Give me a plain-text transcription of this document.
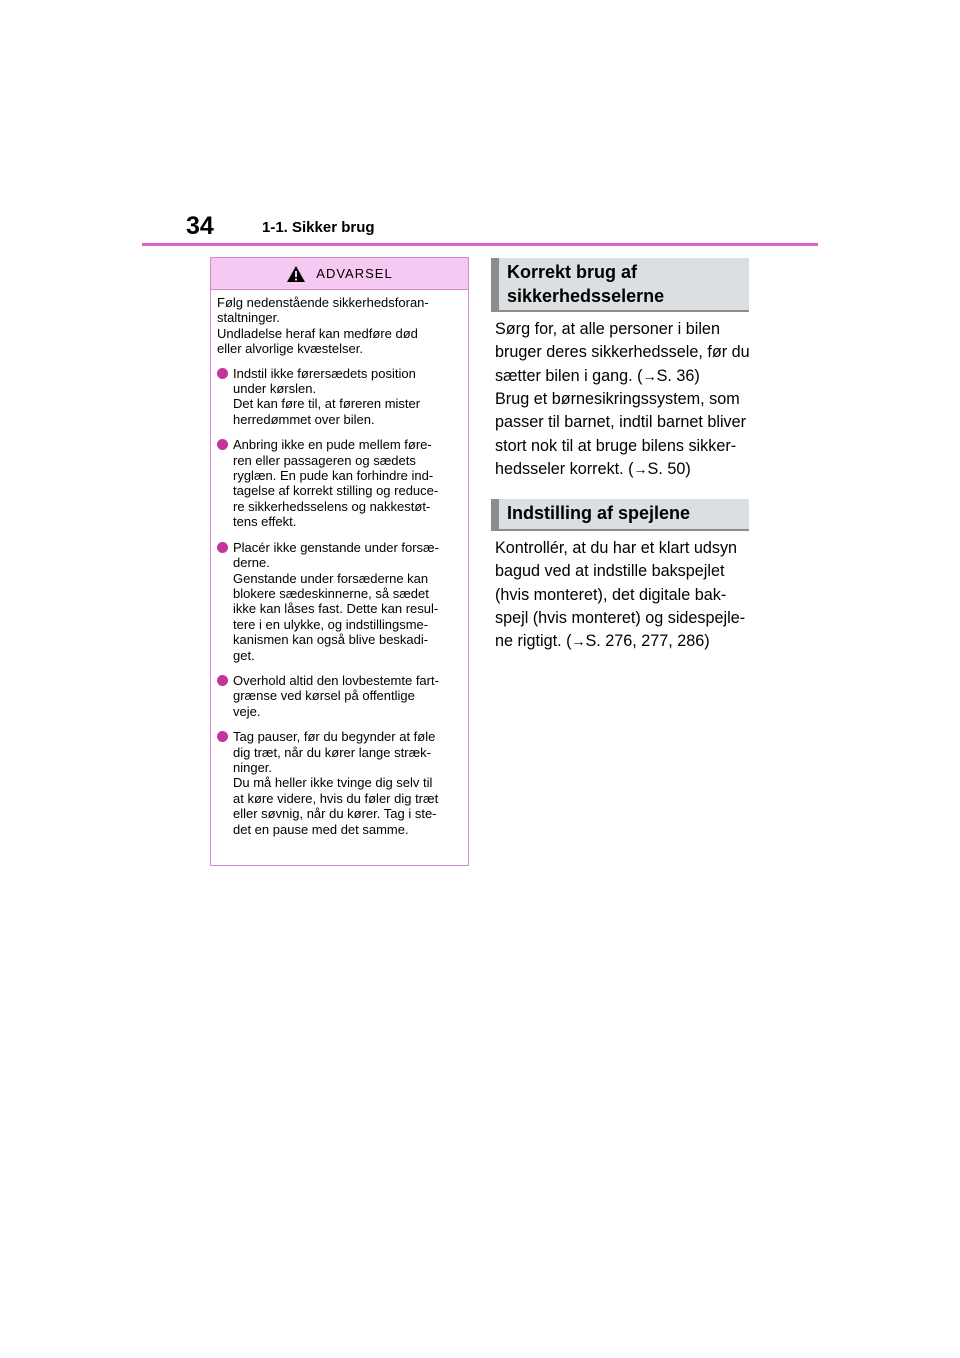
34	1-1. Sikker brug
ADVARSEL

Følg nedenstående sikkerhedsforan-
staltninger.
Undladelse heraf kan medføre død
eller alvorlige kvæstelser.

Indstil ikke førersædets position
under kørslen.
Det kan føre til, at føreren mister
herredømmet over bilen.
Anbring ikke en pude mellem føre-
ren eller passageren og sædets
ryglæn. En pude kan forhindre ind-
tagelse af korrekt stilling og reduce-
re sikkerhedsselens og nakkestøt-
tens effekt.
Placér ikke genstande under forsæ-
derne.
Genstande under forsæderne kan
blokere sædeskinnerne, så sædet
ikke kan låses fast. Dette kan resul-
tere i en ulykke, og indstillingsme-
kanismen kan også blive beskadi-
get.
Overhold altid den lovbestemte fart-
grænse ved kørsel på offentlige
veje.
Tag pauser, før du begynder at føle
dig træt, når du kører lange stræk-
ninger.
Du må heller ikke tvinge dig selv til
at køre videre, hvis du føler dig træt
eller søvnig, når du kører. Tag i ste-
det en pause med det samme.
Korrekt brug af
sikkerhedsselerne

Sørg for, at alle personer i bilen
bruger deres sikkerhedssele, før du
sætter bilen i gang. (→S. 36)

Brug et børnesikringssystem, som
passer til barnet, indtil barnet bliver
stort nok til at bruge bilens sikker-
hedsseler korrekt. (→S. 50)

Indstilling af spejlene

Kontrollér, at du har et klart udsyn
bagud ved at indstille bakspejlet
(hvis monteret), det digitale bak-
spejl (hvis monteret) og sidespejle-
ne rigtigt. (→S. 276, 277, 286)
